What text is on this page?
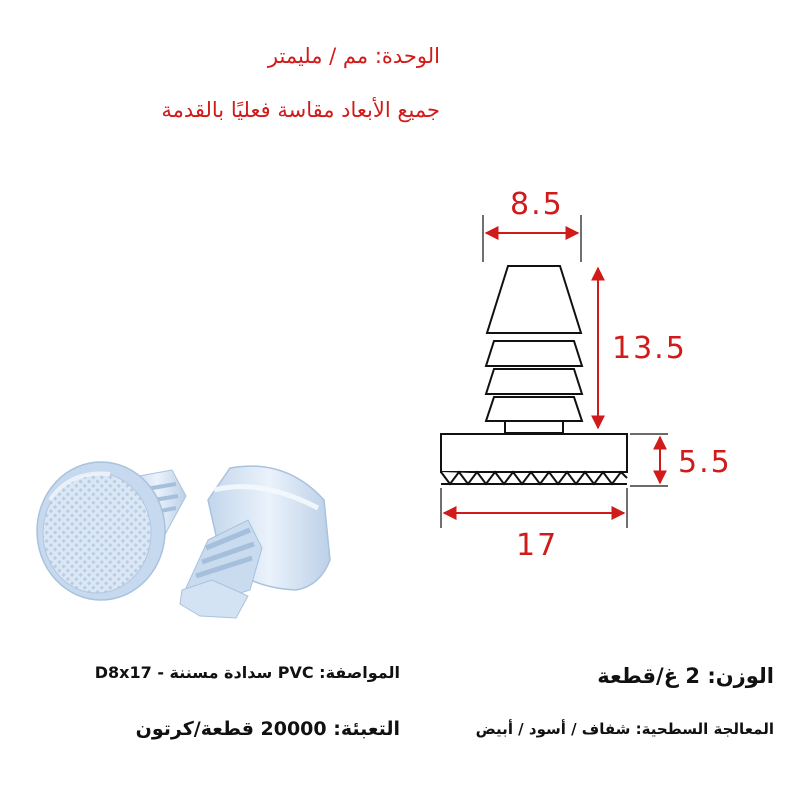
الوحدة: مم / مليمتر
جميع الأبعاد مقاسة فعليًا بالقدمة
8.5
13.5
5.5
17
المواصفة: PVC سدادة مسننة - D8x17
التعبئة: 20000 قطعة/كرتون
الوزن: 2 غ/قطعة
المعالجة السطحية: شفاف / أسود / أبيض
